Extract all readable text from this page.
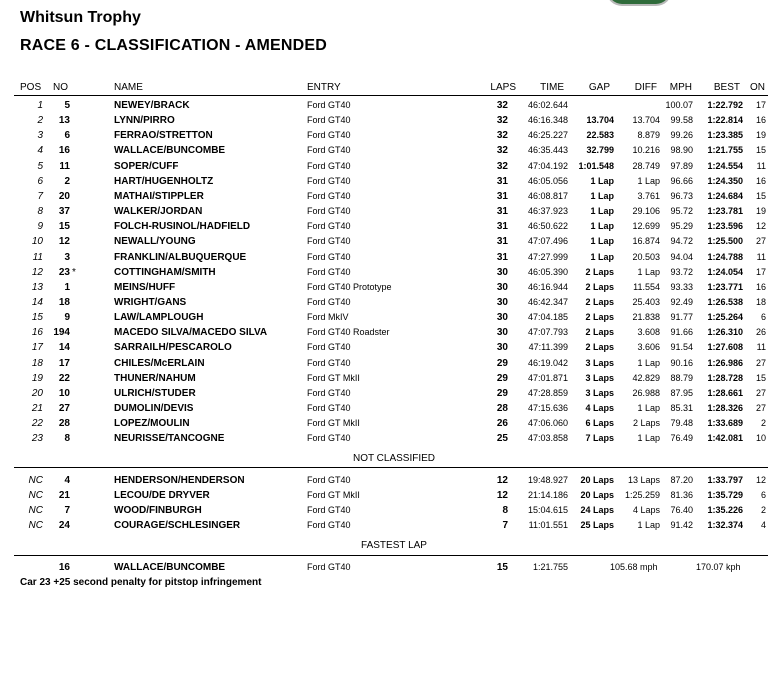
Whitsun Trophy
RACE 6 - CLASSIFICATION - AMENDED
POS NO	NAME	ENTRY	LAPS TIME GAP DIFF MPH BEST ON
1 5	NEWEY/BRACK	Ford GT40	32 46:02.644	100.07 1:22.792 17
2 13	LYNN/PIRRO	Ford GT40	32 46:16.348 13.704 13.704 99.58 1:22.814 16
3 6	FERRAO/STRETTON	Ford GT40	32 46:25.227 22.583	8.879 99.26 1:23.385 19
4 16	WALLACE/BUNCOMBE	Ford GT40	32 46:35.443 32.799 10.216 98.90 1:21.755 15
5 11	SOPER/CUFF	Ford GT40	32 47:04.192 1:01.548 28.749 97.89 1:24.554 11
6 2	HART/HUGENHOLTZ	Ford GT40	31 46:05.056 1 Lap	1 Lap 96.66 1:24.350 16
7 20	MATHAI/STIPPLER	Ford GT40	31 46:08.817 1 Lap	3.761 96.73 1:24.684 15
8 37	WALKER/JORDAN	Ford GT40	31 46:37.923 1 Lap 29.106 95.72 1:23.781 19
9 15	FOLCH-RUSINOL/HADFIELD	Ford GT40	31 46:50.622 1 Lap 12.699 95.29 1:23.596 12
10 12	NEWALL/YOUNG	Ford GT40	31 47:07.496 1 Lap 16.874 94.72 1:25.500 27
11 3	FRANKLIN/ALBUQUERQUE	Ford GT40	31 47:27.999 1 Lap 20.503 94.04 1:24.788 11
12 23	COTTINGHAM/SMITH	Ford GT40	30 46:05.390 2 Laps	1 Lap 93.72 1:24.054 17
*
13 1	MEINS/HUFF	Ford GT40 Prototype	30 46:16.944 2 Laps 11.554 93.33 1:23.771 16
14 18	WRIGHT/GANS	Ford GT40	30 46:42.347 2 Laps 25.403 92.49 1:26.538 18
15 9	LAW/LAMPLOUGH	Ford MkIV	30 47:04.185 2 Laps 21.838 91.77 1:25.264 6
16 194	MACEDO SILVA/MACEDO SILVA	Ford GT40 Roadster	30 47:07.793 2 Laps	3.608 91.66 1:26.310 26
17 14	SARRAILH/PESCAROLO	Ford GT40	30 47:11.399 2 Laps	3.606 91.54 1:27.608 11
18 17	CHILES/McERLAIN	Ford GT40	29 46:19.042 3 Laps	1 Lap 90.16 1:26.986 27
19 22	THUNER/NAHUM	Ford GT MkII	29 47:01.871 3 Laps 42.829 88.79 1:28.728 15
20 10	ULRICH/STUDER	Ford GT40	29 47:28.859 3 Laps 26.988 87.95 1:28.661 27
21 27	DUMOLIN/DEVIS	Ford GT40	28 47:15.636 4 Laps	1 Lap 85.31 1:28.326 27
22 28	LOPEZ/MOULIN	Ford GT MkII	26 47:06.060 6 Laps 2 Laps 79.48 1:33.689 2
23 8	NEURISSE/TANCOGNE	Ford GT40	25 47:03.858 7 Laps	1 Lap 76.49 1:42.081 10
NOT CLASSIFIED
NC 4	HENDERSON/HENDERSON	Ford GT40	12 19:48.927 20 Laps 13 Laps 87.20 1:33.797 12
NC 21	LECOU/DE DRYVER	Ford GT MkII	12 21:14.186 20 Laps 1:25.259 81.36 1:35.729 6
NC 7	WOOD/FINBURGH	Ford GT40	8 15:04.615 24 Laps 4 Laps 76.40 1:35.226 2
NC 24	COURAGE/SCHLESINGER	Ford GT40	7 11:01.551 25 Laps	1 Lap 91.42 1:32.374 4
FASTEST LAP
16	WALLACE/BUNCOMBE	Ford GT40	15	1:21.755	105.68 mph	170.07 kph
Car 23 +25 second penalty for pitstop infringement
